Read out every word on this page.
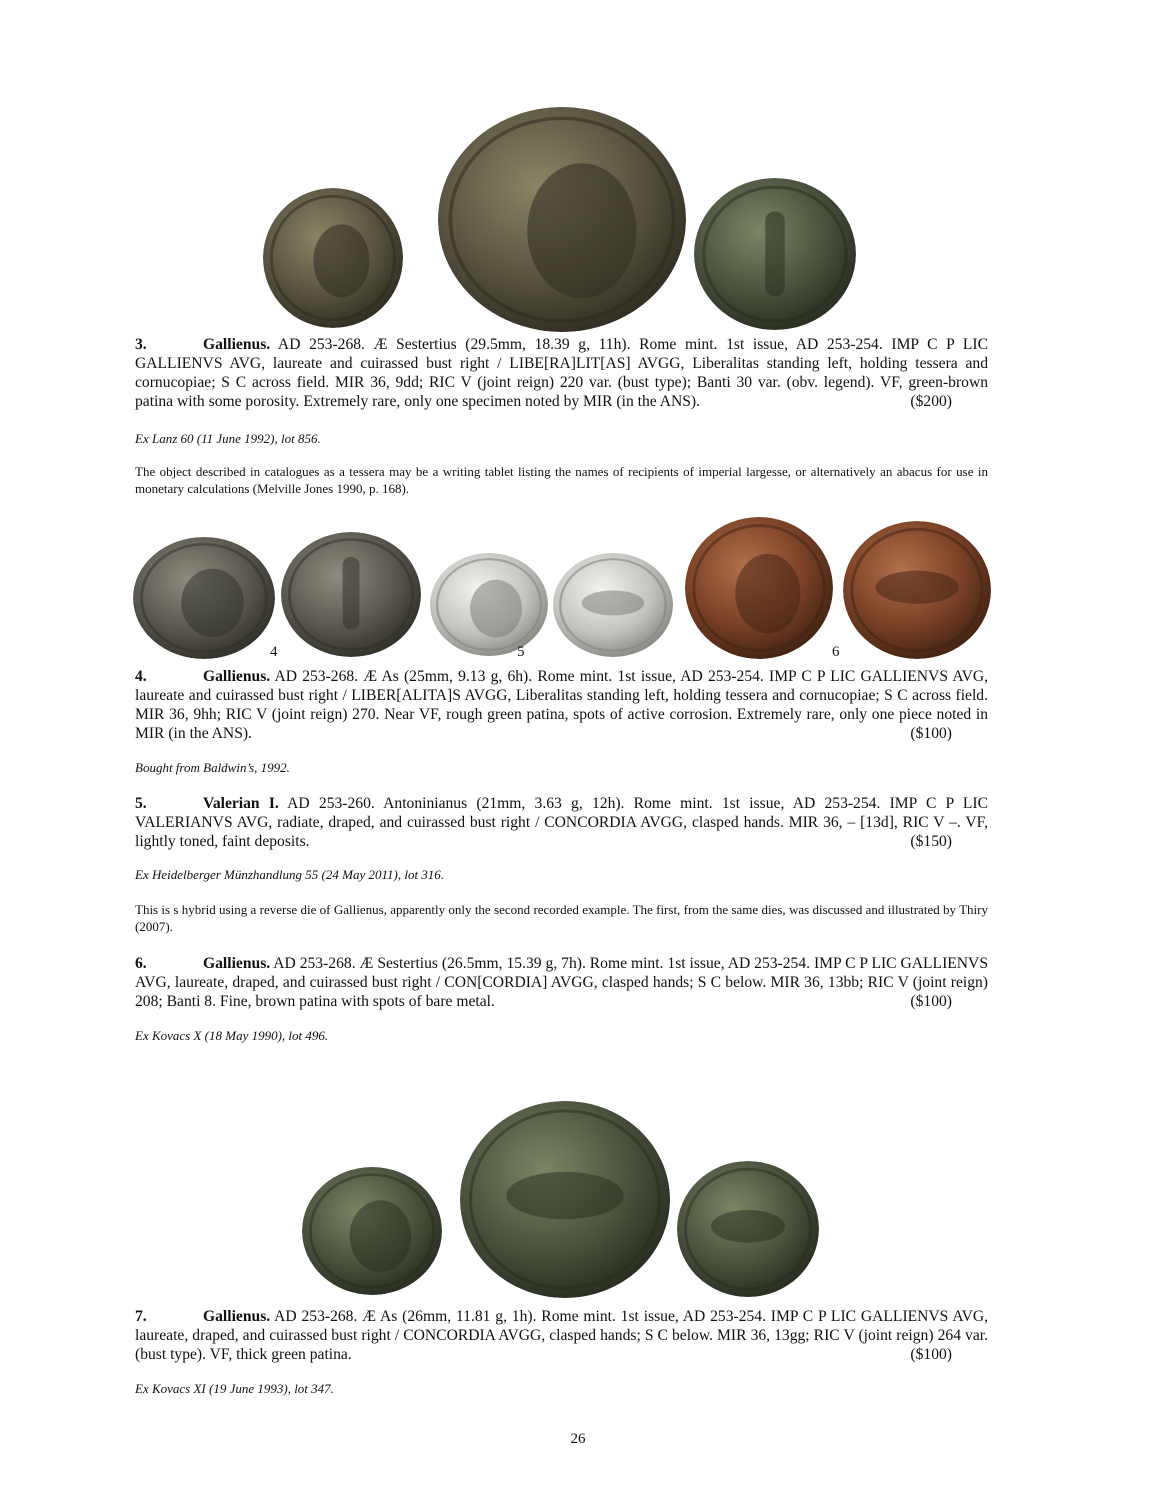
3.	Gallienus. AD 253-268. Æ Sestertius (29.5mm, 18.39 g, 11h). Rome mint. 1st issue, AD 253-254. IMP C P LIC GALLIENVS AVG, laureate and cuirassed bust right / LIBE[RA]LIT[AS] AVGG, Liberalitas standing left, holding tessera and cornucopiae; S C across field. MIR 36, 9dd; RIC V (joint reign) 220 var. (bust type); Banti 30 var. (obv. legend). VF, green-brown patina with some porosity. Extremely rare, only one specimen noted by MIR (in the ANS).	($200)
Ex Lanz 60 (11 June 1992), lot 856.
The object described in catalogues as a tessera may be a writing tablet listing the names of recipients of imperial largesse, or alternatively an abacus for use in monetary calculations (Melville Jones 1990, p. 168).
4	5	6
4.	Gallienus. AD 253-268. Æ As (25mm, 9.13 g, 6h). Rome mint. 1st issue, AD 253-254. IMP C P LIC GALLIENVS AVG, laureate and cuirassed bust right / LIBER[ALITA]S AVGG, Liberalitas standing left, holding tessera and cornucopiae; S C across field. MIR 36, 9hh; RIC V (joint reign) 270. Near VF, rough green patina, spots of active corrosion. Extremely rare, only one piece noted in MIR (in the ANS).	($100)
Bought from Baldwin’s, 1992.
5.	Valerian I. AD 253-260. Antoninianus (21mm, 3.63 g, 12h). Rome mint. 1st issue, AD 253-254. IMP C P LIC VALERIANVS AVG, radiate, draped, and cuirassed bust right / CONCORDIA AVGG, clasped hands. MIR 36, – [13d], RIC V –. VF, lightly toned, faint deposits.	($150)
Ex Heidelberger Münzhandlung 55 (24 May 2011), lot 316.
This is s hybrid using a reverse die of Gallienus, apparently only the second recorded example. The first, from the same dies, was discussed and illustrated by Thiry (2007).
6.	Gallienus. AD 253-268. Æ Sestertius (26.5mm, 15.39 g, 7h). Rome mint. 1st issue, AD 253-254. IMP C P LIC GALLIENVS AVG, laureate, draped, and cuirassed bust right / CON[CORDIA] AVGG, clasped hands; S C below. MIR 36, 13bb; RIC V (joint reign) 208; Banti 8. Fine, brown patina with spots of bare metal.	($100)
Ex Kovacs X (18 May 1990), lot 496.
7.	Gallienus. AD 253-268. Æ As (26mm, 11.81 g, 1h). Rome mint. 1st issue, AD 253-254. IMP C P LIC GALLIENVS AVG, laureate, draped, and cuirassed bust right / CONCORDIA AVGG, clasped hands; S C below. MIR 36, 13gg; RIC V (joint reign) 264 var. (bust type). VF, thick green patina.	($100)
Ex Kovacs XI (19 June 1993), lot 347.
26
